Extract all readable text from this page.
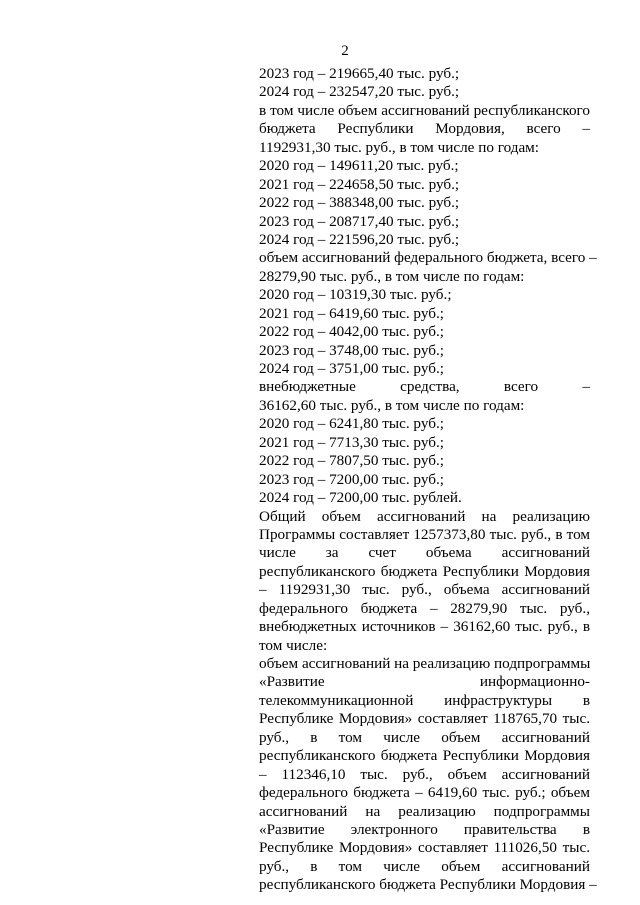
2
2023 год – 219665,40 тыс. руб.;
2024 год – 232547,20 тыс. руб.;
в том числе объем ассигнований республиканского
бюджета Республики Мордовия, всего –
1192931,30 тыс. руб., в том числе по годам:
2020 год – 149611,20 тыс. руб.;
2021 год – 224658,50 тыс. руб.;
2022 год – 388348,00 тыс. руб.;
2023 год – 208717,40 тыс. руб.;
2024 год – 221596,20 тыс. руб.;
объем ассигнований федерального бюджета, всего –
28279,90 тыс. руб., в том числе по годам:
2020 год – 10319,30 тыс. руб.;
2021 год – 6419,60 тыс. руб.;
2022 год – 4042,00 тыс. руб.;
2023 год – 3748,00 тыс. руб.;
2024 год – 3751,00 тыс. руб.;
внебюджетные средства, всего –
36162,60 тыс. руб., в том числе по годам:
2020 год – 6241,80 тыс. руб.;
2021 год – 7713,30 тыс. руб.;
2022 год – 7807,50 тыс. руб.;
2023 год – 7200,00 тыс. руб.;
2024 год – 7200,00 тыс. рублей.
Общий объем ассигнований на реализацию
Программы составляет 1257373,80 тыс. руб., в том
числе за счет объема ассигнований
республиканского бюджета Республики Мордовия
– 1192931,30 тыс. руб., объема ассигнований
федерального бюджета – 28279,90 тыс. руб.,
внебюджетных источников – 36162,60 тыс. руб., в
том числе:
объем ассигнований на реализацию подпрограммы
«Развитие информационно-
телекоммуникационной инфраструктуры в
Республике Мордовия» составляет 118765,70 тыс.
руб., в том числе объем ассигнований
республиканского бюджета Республики Мордовия
– 112346,10 тыс. руб., объем ассигнований
федерального бюджета – 6419,60 тыс. руб.; объем
ассигнований на реализацию подпрограммы
«Развитие электронного правительства в
Республике Мордовия» составляет 111026,50 тыс.
руб., в том числе объем ассигнований
республиканского бюджета Республики Мордовия –
